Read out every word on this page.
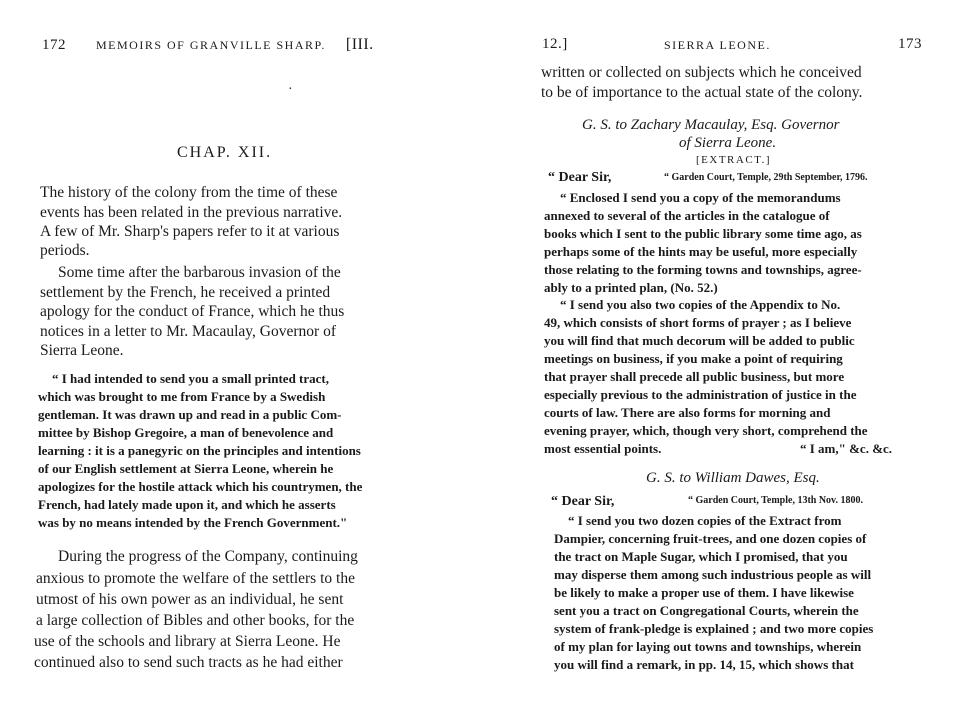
172	MEMOIRS OF GRANVILLE SHARP. [III.
·
CHAP. XII.
The history of the colony from the time of these
events has been related in the previous narrative.
A few of Mr. Sharp's papers refer to it at various
periods.
Some time after the barbarous invasion of the
settlement by the French, he received a printed
apology for the conduct of France, which he thus
notices in a letter to Mr. Macaulay, Governor of
Sierra Leone.
“ I had intended to send you a small printed tract,
which was brought to me from France by a Swedish
gentleman. It was drawn up and read in a public Com-
mittee by Bishop Gregoire, a man of benevolence and
learning : it is a panegyric on the principles and intentions
of our English settlement at Sierra Leone, wherein he
apologizes for the hostile attack which his countrymen, the
French, had lately made upon it, and which he asserts
was by no means intended by the French Government."
During the progress of the Company, continuing
anxious to promote the welfare of the settlers to the
utmost of his own power as an individual, he sent
a large collection of Bibles and other books, for the
use of the schools and library at Sierra Leone. He
continued also to send such tracts as he had either
12.]	SIERRA LEONE.	173
written or collected on subjects which he conceived
to be of importance to the actual state of the colony.
G. S. to Zachary Macaulay, Esq. Governor
of Sierra Leone.
[EXTRACT.]
“ Dear Sir,	“ Garden Court, Temple, 29th September, 1796.
“ Enclosed I send you a copy of the memorandums
annexed to several of the articles in the catalogue of
books which I sent to the public library some time ago, as
perhaps some of the hints may be useful, more especially
those relating to the forming towns and townships, agree-
ably to a printed plan, (No. 52.)
“ I send you also two copies of the Appendix to No.
49, which consists of short forms of prayer ; as I believe
you will find that much decorum will be added to public
meetings on business, if you make a point of requiring
that prayer shall precede all public business, but more
especially previous to the administration of justice in the
courts of law. There are also forms for morning and
evening prayer, which, though very short, comprehend the
most essential points.	“ I am," &c. &c.
G. S. to William Dawes, Esq.
“ Dear Sir,	“ Garden Court, Temple, 13th Nov. 1800.
“ I send you two dozen copies of the Extract from
Dampier, concerning fruit-trees, and one dozen copies of
the tract on Maple Sugar, which I promised, that you
may disperse them among such industrious people as will
be likely to make a proper use of them. I have likewise
sent you a tract on Congregational Courts, wherein the
system of frank-pledge is explained ; and two more copies
of my plan for laying out towns and townships, wherein
you will find a remark, in pp. 14, 15, which shows that
